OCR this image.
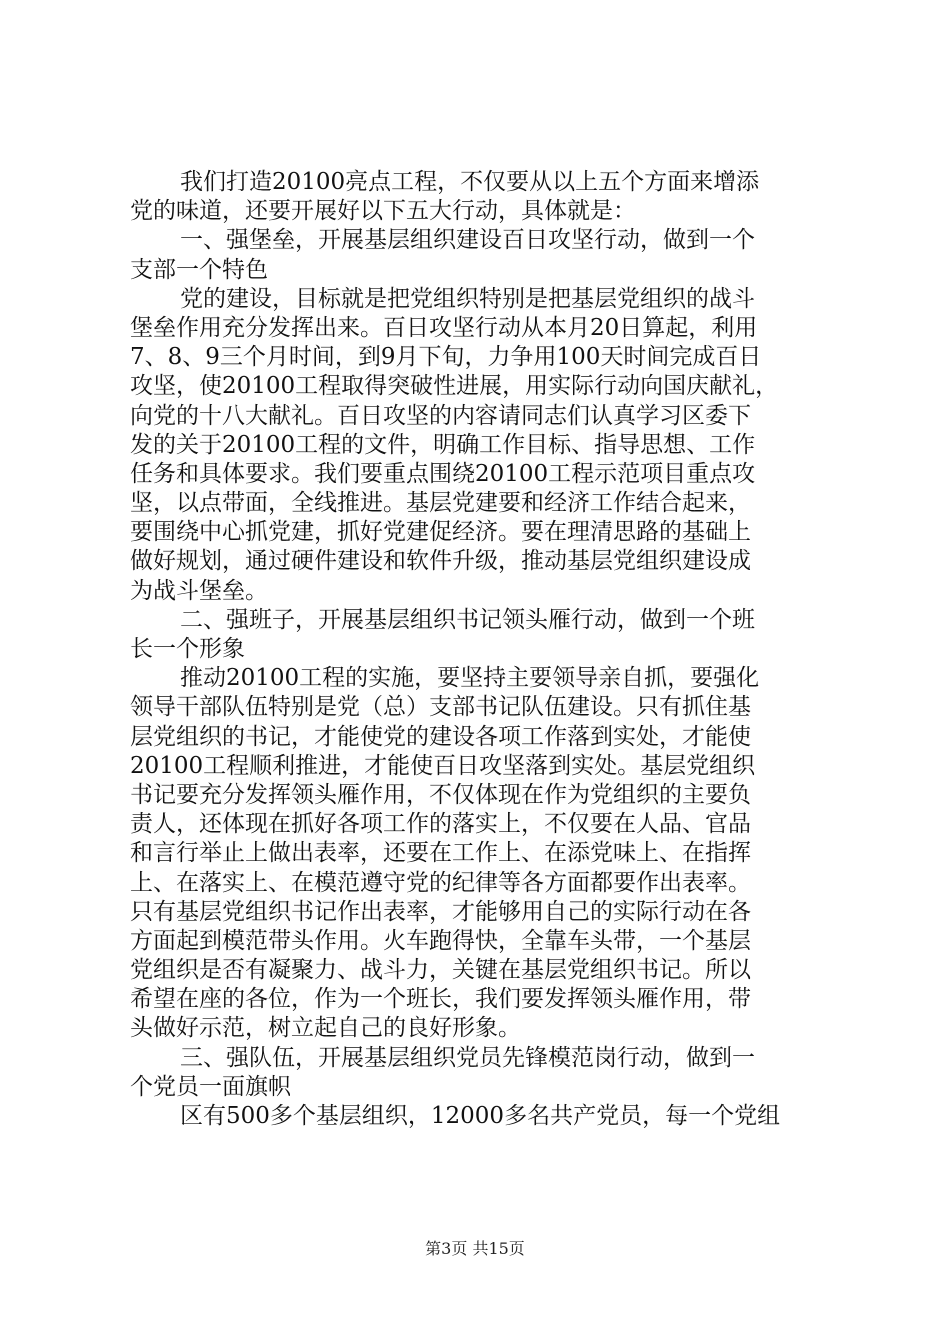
我们打造20100亮点工程，不仅要从以上五个方面来增添
党的味道，还要开展好以下五大行动，具体就是：
一、强堡垒，开展基层组织建设百日攻坚行动，做到一个
支部一个特色
党的建设，目标就是把党组织特别是把基层党组织的战斗
堡垒作用充分发挥出来。百日攻坚行动从本月20日算起，利用
7、8、9三个月时间，到9月下旬，力争用100天时间完成百日
攻坚，使20100工程取得突破性进展，用实际行动向国庆献礼，
向党的十八大献礼。百日攻坚的内容请同志们认真学习区委下
发的关于20100工程的文件，明确工作目标、指导思想、工作
任务和具体要求。我们要重点围绕20100工程示范项目重点攻
坚，以点带面，全线推进。基层党建要和经济工作结合起来，
要围绕中心抓党建，抓好党建促经济。要在理清思路的基础上
做好规划，通过硬件建设和软件升级，推动基层党组织建设成
为战斗堡垒。
二、强班子，开展基层组织书记领头雁行动，做到一个班
长一个形象
推动20100工程的实施，要坚持主要领导亲自抓，要强化
领导干部队伍特别是党（总）支部书记队伍建设。只有抓住基
层党组织的书记，才能使党的建设各项工作落到实处，才能使
20100工程顺利推进，才能使百日攻坚落到实处。基层党组织
书记要充分发挥领头雁作用，不仅体现在作为党组织的主要负
责人，还体现在抓好各项工作的落实上，不仅要在人品、官品
和言行举止上做出表率，还要在工作上、在添党味上、在指挥
上、在落实上、在模范遵守党的纪律等各方面都要作出表率。
只有基层党组织书记作出表率，才能够用自己的实际行动在各
方面起到模范带头作用。火车跑得快，全靠车头带，一个基层
党组织是否有凝聚力、战斗力，关键在基层党组织书记。所以
希望在座的各位，作为一个班长，我们要发挥领头雁作用，带
头做好示范，树立起自己的良好形象。
三、强队伍，开展基层组织党员先锋模范岗行动，做到一
个党员一面旗帜
区有500多个基层组织，12000多名共产党员，每一个党组
第3页 共15页
